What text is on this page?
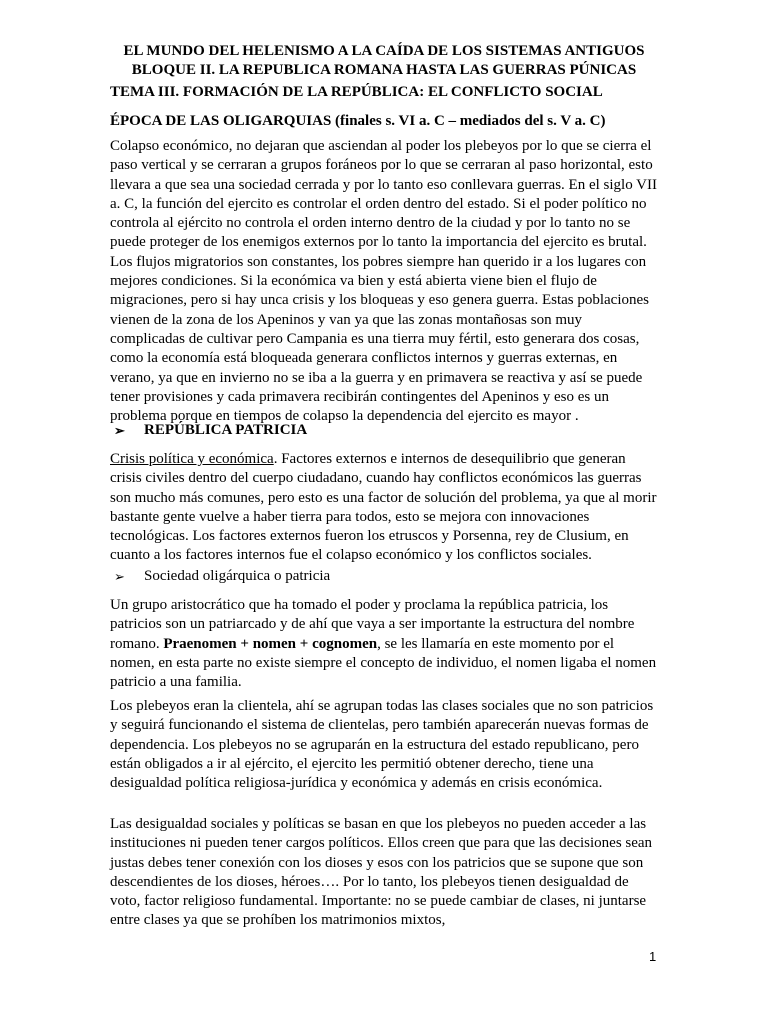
EL MUNDO DEL HELENISMO A LA CAÍDA DE LOS SISTEMAS ANTIGUOS
BLOQUE II. LA REPUBLICA ROMANA HASTA LAS GUERRAS PÚNICAS
TEMA III. FORMACIÓN DE LA REPÚBLICA: EL CONFLICTO SOCIAL
ÉPOCA DE LAS OLIGARQUIAS (finales s. VI a. C – mediados del s. V a. C)
Colapso económico, no dejaran que asciendan al poder los plebeyos por lo que se cierra el paso vertical y se cerraran a grupos foráneos por lo que se cerraran al paso horizontal, esto llevara a que sea una sociedad cerrada y por lo tanto eso conllevara guerras. En el siglo VII a. C, la función del ejercito es controlar el orden dentro del estado. Si el poder político no controla al ejército no controla el orden interno dentro de la ciudad y por lo tanto no se puede proteger de los enemigos externos por lo tanto la importancia del ejercito es brutal. Los flujos migratorios son constantes, los pobres siempre han querido ir a los lugares con mejores condiciones. Si la económica va bien y está abierta viene bien el flujo de migraciones, pero si hay unca crisis y los bloqueas y eso genera guerra. Estas poblaciones vienen de la zona de los Apeninos y van ya que las zonas montañosas son muy complicadas de cultivar pero Campania es una tierra muy fértil, esto generara dos cosas, como la economía está bloqueada generara conflictos internos y guerras externas, en verano, ya que en invierno no se iba a la guerra y en primavera se reactiva y así se puede tener provisiones y cada primavera recibirán contingentes del Apeninos y eso es un problema porque en tiempos de colapso la dependencia del ejercito es mayor .
➢	REPÚBLICA PATRICIA
Crisis política y económica. Factores externos e internos de desequilibrio que generan crisis civiles dentro del cuerpo ciudadano, cuando hay conflictos económicos las guerras son mucho más comunes, pero esto es una factor de solución del problema, ya que al morir bastante gente vuelve a haber tierra para todos, esto se mejora con innovaciones tecnológicas. Los factores externos fueron los etruscos y Porsenna, rey de Clusium, en cuanto a los factores internos fue el colapso económico y los conflictos sociales.
➢	Sociedad oligárquica o patricia
Un grupo aristocrático que ha tomado el poder y proclama la república patricia, los patricios son un patriarcado y de ahí que vaya a ser importante la estructura del nombre romano. Praenomen + nomen + cognomen, se les llamaría en este momento por el nomen, en esta parte no existe siempre el concepto de individuo, el nomen ligaba el nomen patricio a una familia.
Los plebeyos eran la clientela, ahí se agrupan todas las clases sociales que no son patricios y seguirá funcionando el sistema de clientelas, pero también aparecerán nuevas formas de dependencia. Los plebeyos no se agruparán en la estructura del estado republicano, pero están obligados a ir al ejército, el ejercito les permitió obtener derecho, tiene una desigualdad política religiosa-jurídica y económica y además en crisis económica.
Las desigualdad sociales y políticas se basan en que los plebeyos no pueden acceder a las instituciones ni pueden tener cargos políticos. Ellos creen que para que las decisiones sean justas debes tener conexión con los dioses y esos con los patricios que se supone que son descendientes de los dioses, héroes…. Por lo tanto, los plebeyos tienen desigualdad de voto, factor religioso fundamental. Importante: no se puede cambiar de clases, ni juntarse entre clases ya que se prohíben los matrimonios mixtos,
1
